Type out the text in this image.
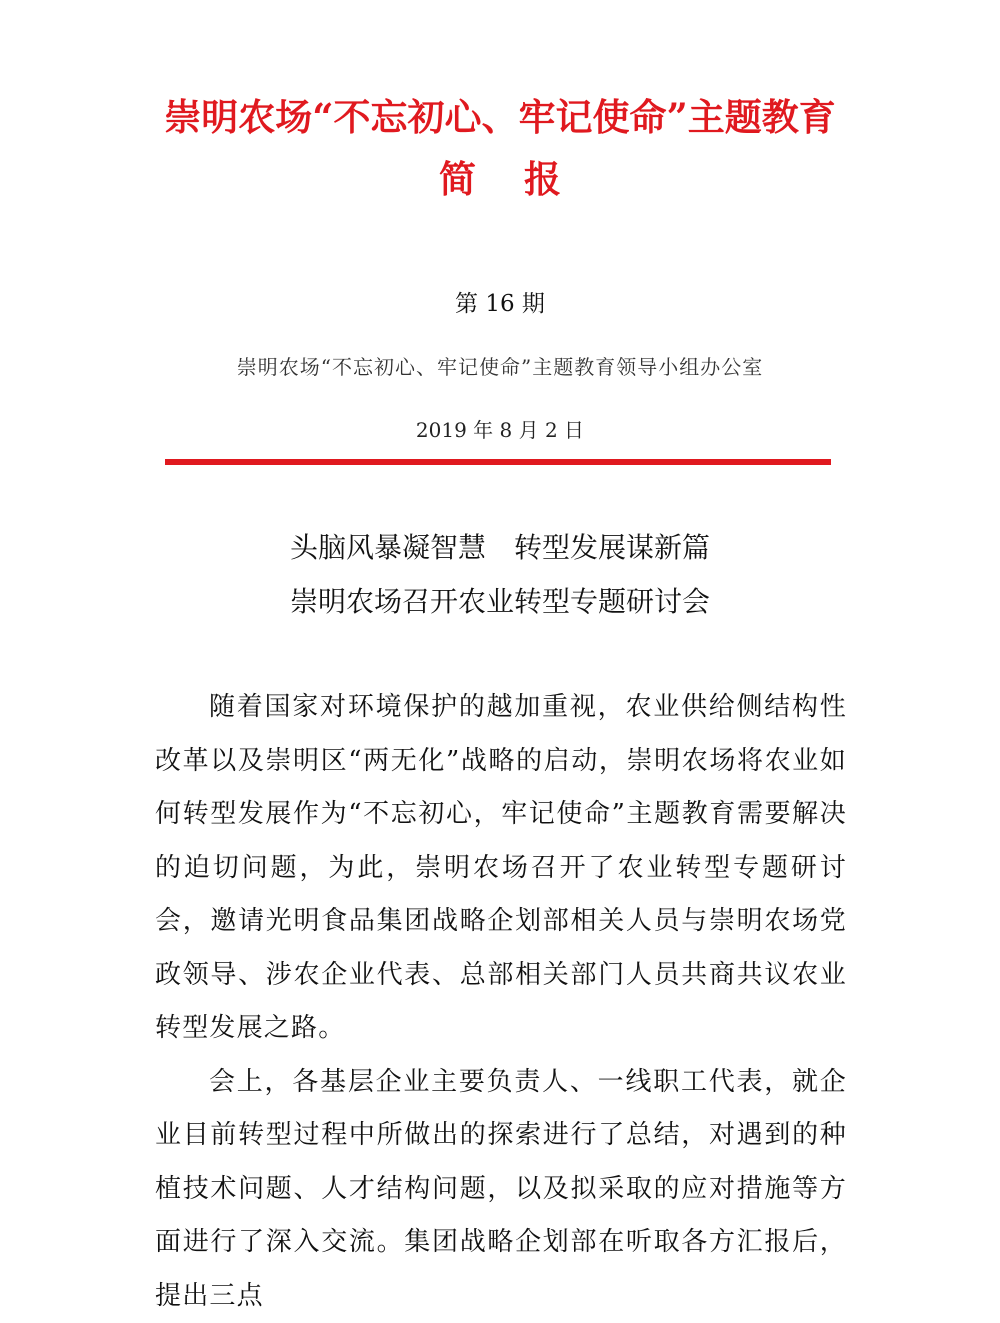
崇明农场“不忘初心、牢记使命”主题教育
简报
第 16 期
崇明农场“不忘初心、牢记使命”主题教育领导小组办公室
2019 年 8 月 2 日
头脑风暴凝智慧　转型发展谋新篇
崇明农场召开农业转型专题研讨会

随着国家对环境保护的越加重视，农业供给侧结构性改革以及崇明区“两无化”战略的启动，崇明农场将农业如何转型发展作为“不忘初心，牢记使命”主题教育需要解决的迫切问题，为此，崇明农场召开了农业转型专题研讨会，邀请光明食品集团战略企划部相关人员与崇明农场党政领导、涉农企业代表、总部相关部门人员共商共议农业转型发展之路。

会上，各基层企业主要负责人、一线职工代表，就企业目前转型过程中所做出的探索进行了总结，对遇到的种植技术问题、人才结构问题，以及拟采取的应对措施等方面进行了深入交流。集团战略企划部在听取各方汇报后，提出三点
